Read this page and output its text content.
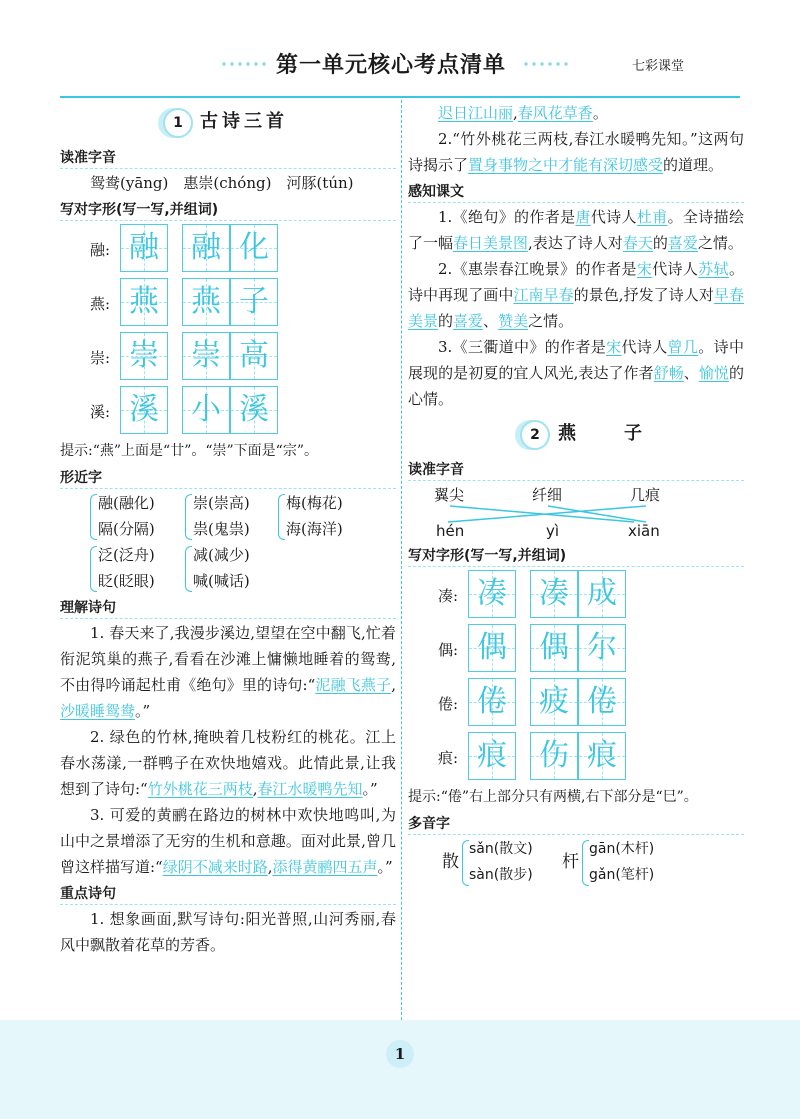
第一单元核心考点清单	七彩课堂
1 古诗三首
读准字音
鸳鸯(yāng)　惠崇(chóng)　河豚(tún)
写对字形(写一写,并组词)
融: 融 融 化
燕: 燕 燕 子
崇: 崇 崇 高
溪: 溪 小 溪
提示:“燕”上面是“廿”。“崇”下面是“宗”。
形近字
融(融化)
隔(分隔)
崇(崇高)
祟(鬼祟)
梅(梅花)
海(海洋)
泛(泛舟)
眨(眨眼)
减(减少)
喊(喊话)
理解诗句
1. 春天来了,我漫步溪边,望望在空中翻飞,忙着衔泥筑巢的燕子,看看在沙滩上慵懒地睡着的鸳鸯,不由得吟诵起杜甫《绝句》里的诗句:“泥融飞燕子,沙暖睡鸳鸯。”
2. 绿色的竹林,掩映着几枝粉红的桃花。江上春水荡漾,一群鸭子在欢快地嬉戏。此情此景,让我想到了诗句:“竹外桃花三两枝,春江水暖鸭先知。”
3. 可爱的黄鹂在路边的树林中欢快地鸣叫,为山中之景增添了无穷的生机和意趣。面对此景,曾几曾这样描写道:“绿阴不减来时路,添得黄鹂四五声。”
重点诗句
1. 想象画面,默写诗句:阳光普照,山河秀丽,春风中飘散着花草的芳香。
迟日江山丽,春风花草香。
2.“竹外桃花三两枝,春江水暖鸭先知。”这两句诗揭示了置身事物之中才能有深切感受的道理。
感知课文
1.《绝句》的作者是唐代诗人杜甫。全诗描绘了一幅春日美景图,表达了诗人对春天的喜爱之情。
2.《惠崇春江晚景》的作者是宋代诗人苏轼。诗中再现了画中江南早春的景色,抒发了诗人对早春美景的喜爱、赞美之情。
3.《三衢道中》的作者是宋代诗人曾几。诗中展现的是初夏的宜人风光,表达了作者舒畅、愉悦的心情。
2	燕　　子
读准字音
翼尖	纤细	几痕
hén	yì	xiān
写对字形(写一写,并组词)
凑: 凑 凑 成
偶: 偶 偶 尔
倦: 倦 疲 倦
痕: 痕 伤 痕
提示:“倦”右上部分只有两横,右下部分是“巳”。
多音字
散
sǎn(散文)
sàn(散步)
杆
gān(木杆)
gǎn(笔杆)
1
